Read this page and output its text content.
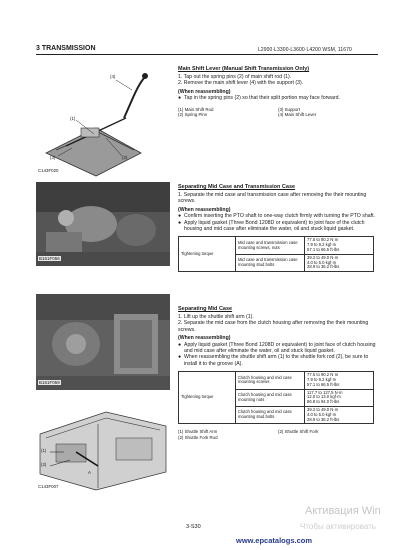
3 TRANSMISSION	L2900·L3300·L3600·L4200 WSM, 11670
(4)
(1)
(2)
(3)
C143F020
B161F056
B161F059
(1)
(2)
A
C143F007
Main Shift Lever (Manual Shift Transmission Only)
1. Tap out the spring pins (2) of main shift rod (1).
2. Remove the main shift lever (4) with the support (3).
(When reassembling)
● Tap in the spring pins (2) so that their split portion may face forward.
(1) Main Shift Rod	(3) Support
(2) Spring Pins	(4) Main Shift Lever
Separating Mid Case and Transmission Case
1. Separate the mid case and transmission case after removing the their mounting screws.
(When reassembling)
● Confirm inserting the PTO shaft to one-way clutch firmly with turning the PTO shaft.
● Apply liquid gasket (Three Bond 1208D or equivalent) to joint face of the clutch housing and mid case after eliminate the water, oil and stuck liquid gasket.
Tightening torque	Mid case and transmission case mounting screws, nuts	77.5 to 90.2 N·m
7.9 to 9.2 kgf·m
57.1 to 66.5 ft-lbs
	Mid case and transmission case mounting stud bolts	39.2 to 49.0 N·m
4.0 to 5.0 kgf·m
28.9 to 36.2 ft-lbs
Separating Mid Case
1. Lift up the shuttle shift arm (1).
2. Separate the mid case from the clutch housing after removing the their mounting screws.
(When reassembling)
● Apply liquid gasket (Three Bond 1208D or equivalent) to joint face of clutch housing and mid case after eliminate the water, oil and stuck liquid gasket.
● When reassembling the shuttle shift arm (1) to the shuttle fork rod (2), be sure to install it to the groove (A).
Tightening torque	Clutch housing and mid case mounting screws	77.5 to 90.2 N·m
7.9 to 9.2 kgf·m
57.1 to 66.5 ft-lbs
	Clutch housing and mid case mounting nuts	117.7 to 127.5 N·m
12.0 to 13.0 kgf·m
86.8 to 94.0 ft-lbs
	Clutch housing and mid case mounting stud bolts	39.2 to 49.0 N·m
4.0 to 5.0 kgf·m
28.9 to 36.2 ft-lbs
(1) Shuttle Shift Arm	(2) Shuttle Shift Fork
(2) Shuttle Fork Rod
3-S30
Активация Win
Чтобы активировать
www.epcatalogs.com
